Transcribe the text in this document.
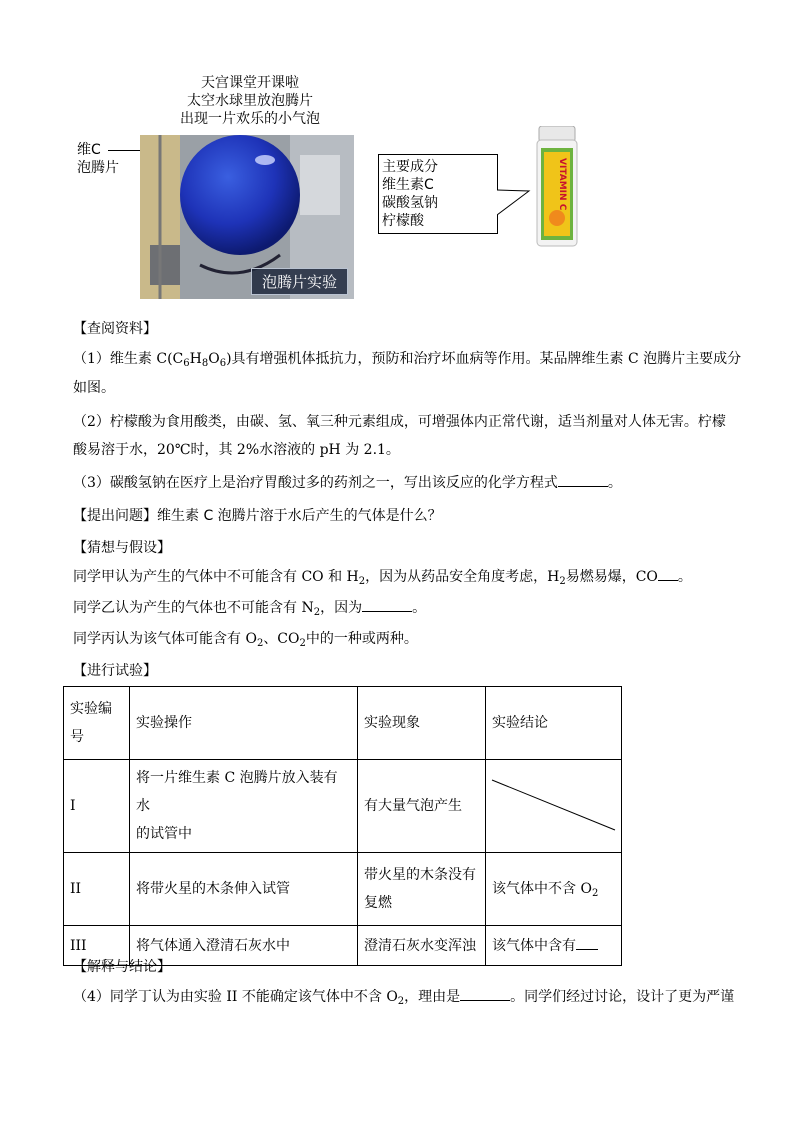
天宫课堂开课啦
太空水球里放泡腾片
出现一片欢乐的小气泡
维C
泡腾片
泡腾片实验
主要成分
维生素C
碳酸氢钠
柠檬酸
VITAMIN C
【查阅资料】
（1）维生素 $C(C_6H_8O_6)$具有增强机体抵抗力，预防和治疗坏血病等作用。某品牌维生素 C 泡腾片主要成分
如图。
（2）柠檬酸为食用酸类，由碳、氢、氧三种元素组成，可增强体内正常代谢，适当剂量对人体无害。柠檬
酸易溶于水，20℃时，其 2%水溶液的 pH 为 2.1。
（3）碳酸氢钠在医疗上是治疗胃酸过多的药剂之一，写出该反应的化学方程式	。
【提出问题】维生素 C 泡腾片溶于水后产生的气体是什么？
【猜想与假设】
同学甲认为产生的气体中不可能含有 CO 和 $H_2$，因为从药品安全角度考虑，$H_2$易燃易爆，CO 。
同学乙认为产生的气体也不可能含有 $N_2$，因为	。
同学丙认为该气体可能含有 $O_2$、$CO_2$中的一种或两种。
【进行试验】
实验编
号	实验操作	实验现象	实验结论
I	将一片维生素 C 泡腾片放入装有水
的试管中	有大量气泡产生	

II	将带火星的木条伸入试管	带火星的木条没有
复燃	该气体中不含 $O_2$
III	将气体通入澄清石灰水中	澄清石灰水变浑浊	该气体中含有
【解释与结论】
（4）同学丁认为由实验 II 不能确定该气体中不含 $O_2$，理由是	。同学们经过讨论，设计了更为严谨
